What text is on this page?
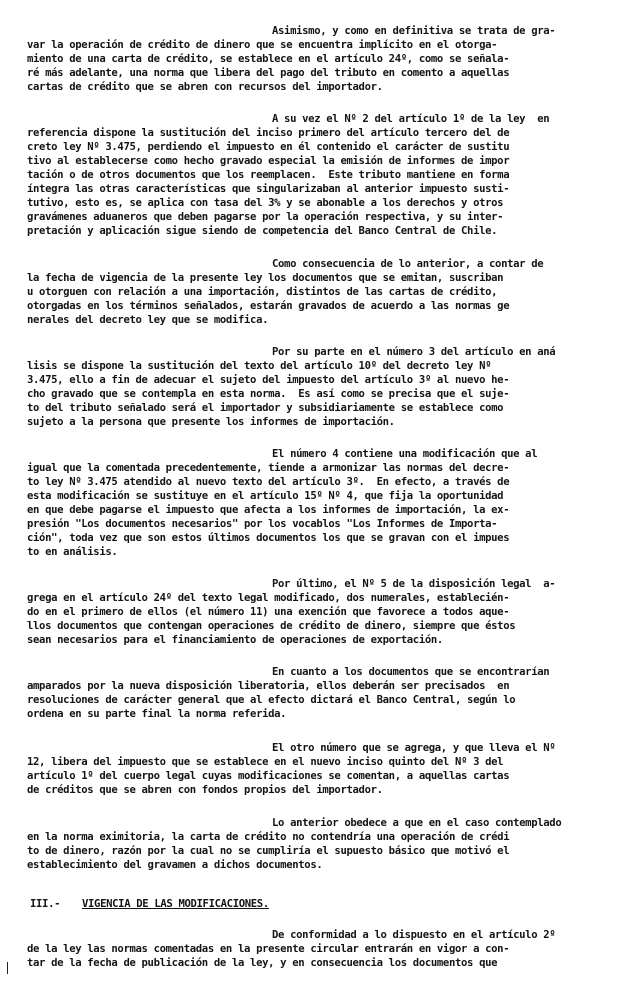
Asimismo, y como en definitiva se trata de gra-
var la operación de crédito de dinero que se encuentra implícito en el otorga-
miento de una carta de crédito, se establece en el artículo 24º, como se señala-
ré más adelante, una norma que libera del pago del tributo en comento a aquellas
cartas de crédito que se abren con recursos del importador.
A su vez el Nº 2 del artículo 1º de la ley  en
referencia dispone la sustitución del inciso primero del artículo tercero del de
creto ley Nº 3.475, perdiendo el impuesto en él contenido el carácter de sustitu
tivo al establecerse como hecho gravado especial la emisión de informes de impor
tación o de otros documentos que los reemplacen.  Este tributo mantiene en forma
íntegra las otras características que singularizaban al anterior impuesto susti-
tutivo, esto es, se aplica con tasa del 3% y se abonable a los derechos y otros
gravámenes aduaneros que deben pagarse por la operación respectiva, y su inter-
pretación y aplicación sigue siendo de competencia del Banco Central de Chile.
Como consecuencia de lo anterior, a contar de
la fecha de vigencia de la presente ley los documentos que se emitan, suscriban
u otorguen con relación a una importación, distintos de las cartas de crédito,
otorgadas en los términos señalados, estarán gravados de acuerdo a las normas ge
nerales del decreto ley que se modifica.
Por su parte en el número 3 del artículo en aná
lisis se dispone la sustitución del texto del artículo 10º del decreto ley Nº
3.475, ello a fin de adecuar el sujeto del impuesto del artículo 3º al nuevo he-
cho gravado que se contempla en esta norma.  Es así como se precisa que el suje-
to del tributo señalado será el importador y subsidiariamente se establece como
sujeto a la persona que presente los informes de importación.
El número 4 contiene una modificación que al
igual que la comentada precedentemente, tiende a armonizar las normas del decre-
to ley Nº 3.475 atendido al nuevo texto del artículo 3º.  En efecto, a través de
esta modificación se sustituye en el artículo 15º Nº 4, que fija la oportunidad
en que debe pagarse el impuesto que afecta a los informes de importación, la ex-
presión "Los documentos necesarios" por los vocablos "Los Informes de Importa-
ción", toda vez que son estos últimos documentos los que se gravan con el impues
to en análisis.
Por último, el Nº 5 de la disposición legal  a-
grega en el artículo 24º del texto legal modificado, dos numerales, establecién-
do en el primero de ellos (el número 11) una exención que favorece a todos aque-
llos documentos que contengan operaciones de crédito de dinero, siempre que éstos
sean necesarios para el financiamiento de operaciones de exportación.
En cuanto a los documentos que se encontrarían
amparados por la nueva disposición liberatoria, ellos deberán ser precisados  en
resoluciones de carácter general que al efecto dictará el Banco Central, según lo
ordena en su parte final la norma referida.
El otro número que se agrega, y que lleva el Nº
12, libera del impuesto que se establece en el nuevo inciso quinto del Nº 3 del
artículo 1º del cuerpo legal cuyas modificaciones se comentan, a aquellas cartas
de créditos que se abren con fondos propios del importador.
Lo anterior obedece a que en el caso contemplado
en la norma eximitoria, la carta de crédito no contendría una operación de crédi
to de dinero, razón por la cual no se cumpliría el supuesto básico que motivó el
establecimiento del gravamen a dichos documentos.
III.- VIGENCIA DE LAS MODIFICACIONES.
De conformidad a lo dispuesto en el artículo 2º
de la ley las normas comentadas en la presente circular entrarán en vigor a con-
tar de la fecha de publicación de la ley, y en consecuencia los documentos que
